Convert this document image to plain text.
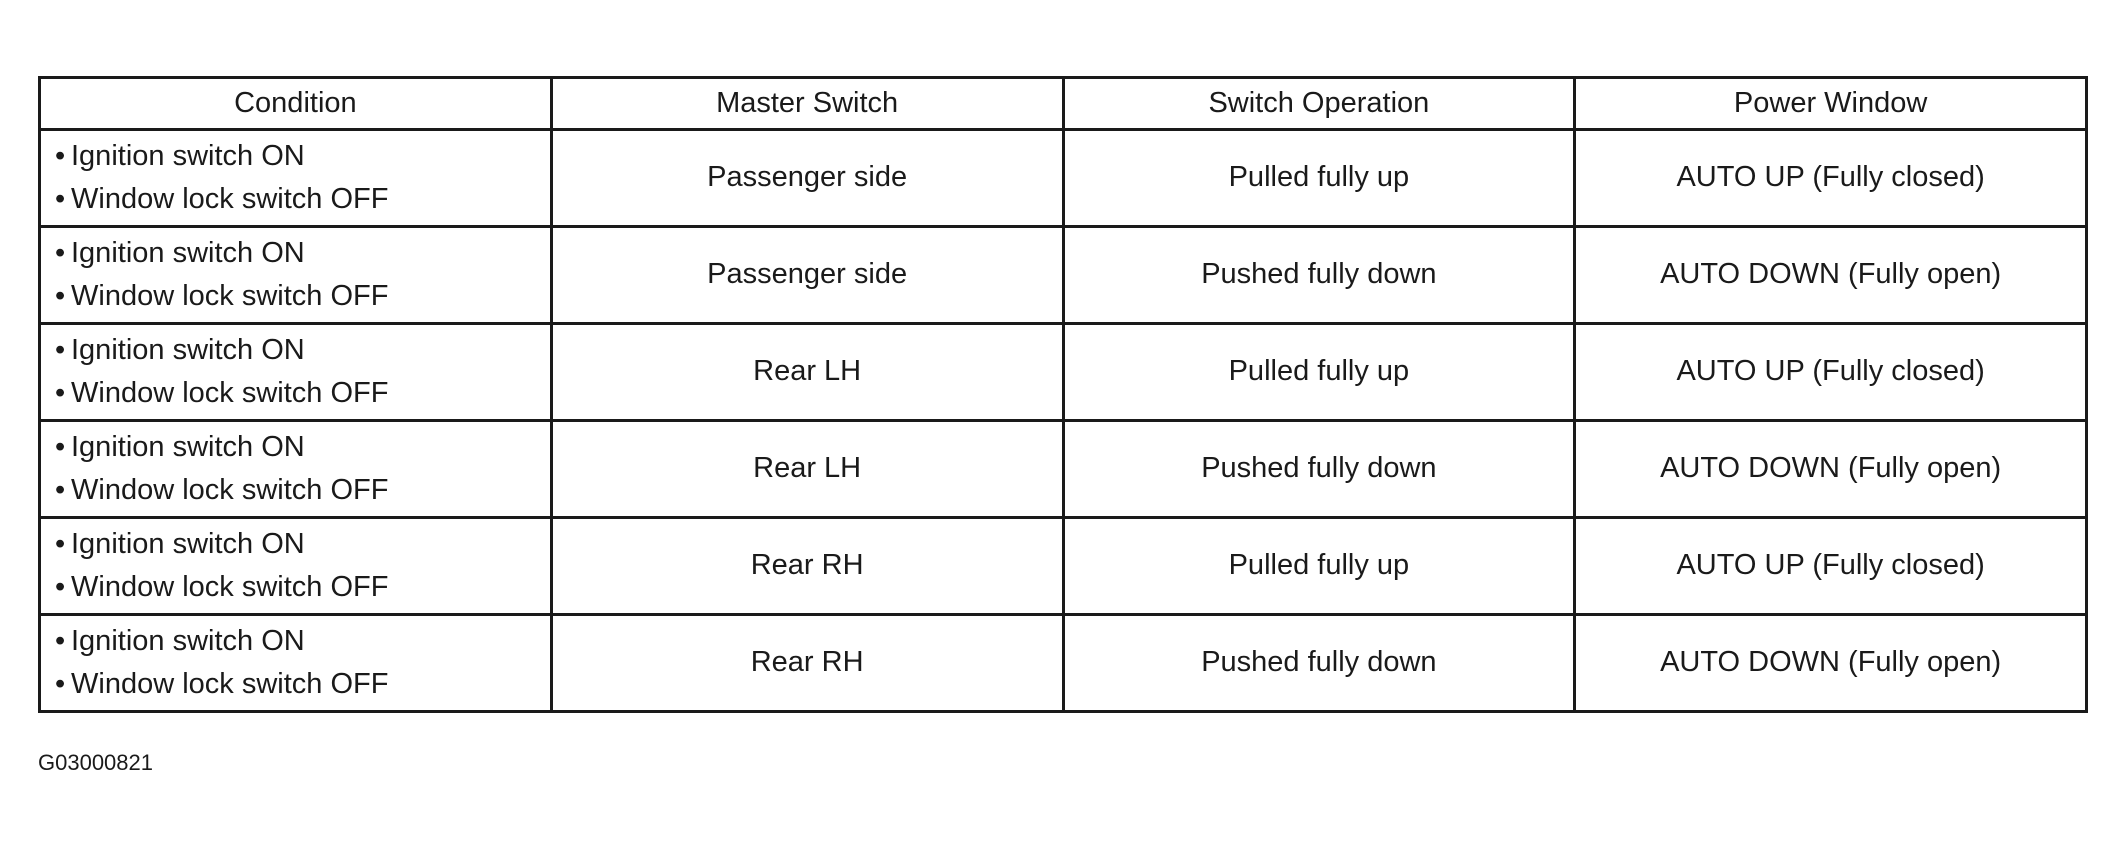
Condition	Master Switch	Switch Operation	Power Window

• Ignition switch ON
• Window lock switch OFF	Passenger side	Pulled fully up	AUTO UP (Fully closed)

• Ignition switch ON
• Window lock switch OFF	Passenger side	Pushed fully down	AUTO DOWN (Fully open)

• Ignition switch ON
• Window lock switch OFF	Rear LH	Pulled fully up	AUTO UP (Fully closed)

• Ignition switch ON
• Window lock switch OFF	Rear LH	Pushed fully down	AUTO DOWN (Fully open)

• Ignition switch ON
• Window lock switch OFF	Rear RH	Pulled fully up	AUTO UP (Fully closed)

• Ignition switch ON
• Window lock switch OFF	Rear RH	Pushed fully down	AUTO DOWN (Fully open)
G03000821
